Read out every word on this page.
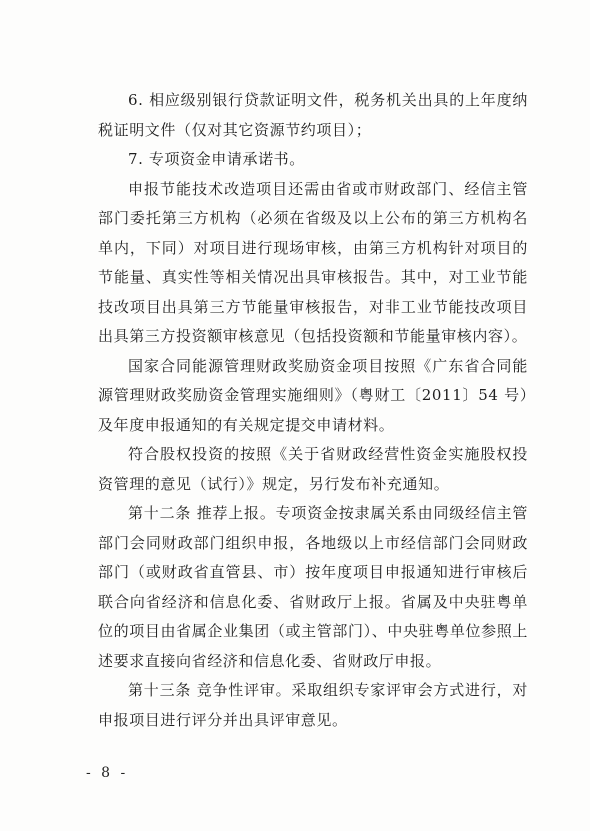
6. 相应级别银行贷款证明文件，税务机关出具的上年度纳税证明文件（仅对其它资源节约项目）；

7. 专项资金申请承诺书。

申报节能技术改造项目还需由省或市财政部门、经信主管部门委托第三方机构（必须在省级及以上公布的第三方机构名单内，下同）对项目进行现场审核，由第三方机构针对项目的节能量、真实性等相关情况出具审核报告。其中，对工业节能技改项目出具第三方节能量审核报告，对非工业节能技改项目出具第三方投资额审核意见（包括投资额和节能量审核内容）。

国家合同能源管理财政奖励资金项目按照《广东省合同能源管理财政奖励资金管理实施细则》（粤财工〔2011〕54 号）及年度申报通知的有关规定提交申请材料。

符合股权投资的按照《关于省财政经营性资金实施股权投资管理的意见（试行）》规定，另行发布补充通知。

第十二条 推荐上报。专项资金按隶属关系由同级经信主管部门会同财政部门组织申报，各地级以上市经信部门会同财政部门（或财政省直管县、市）按年度项目申报通知进行审核后联合向省经济和信息化委、省财政厅上报。省属及中央驻粤单位的项目由省属企业集团（或主管部门）、中央驻粤单位参照上述要求直接向省经济和信息化委、省财政厅申报。

第十三条 竞争性评审。采取组织专家评审会方式进行，对申报项目进行评分并出具评审意见。

- 8 -
